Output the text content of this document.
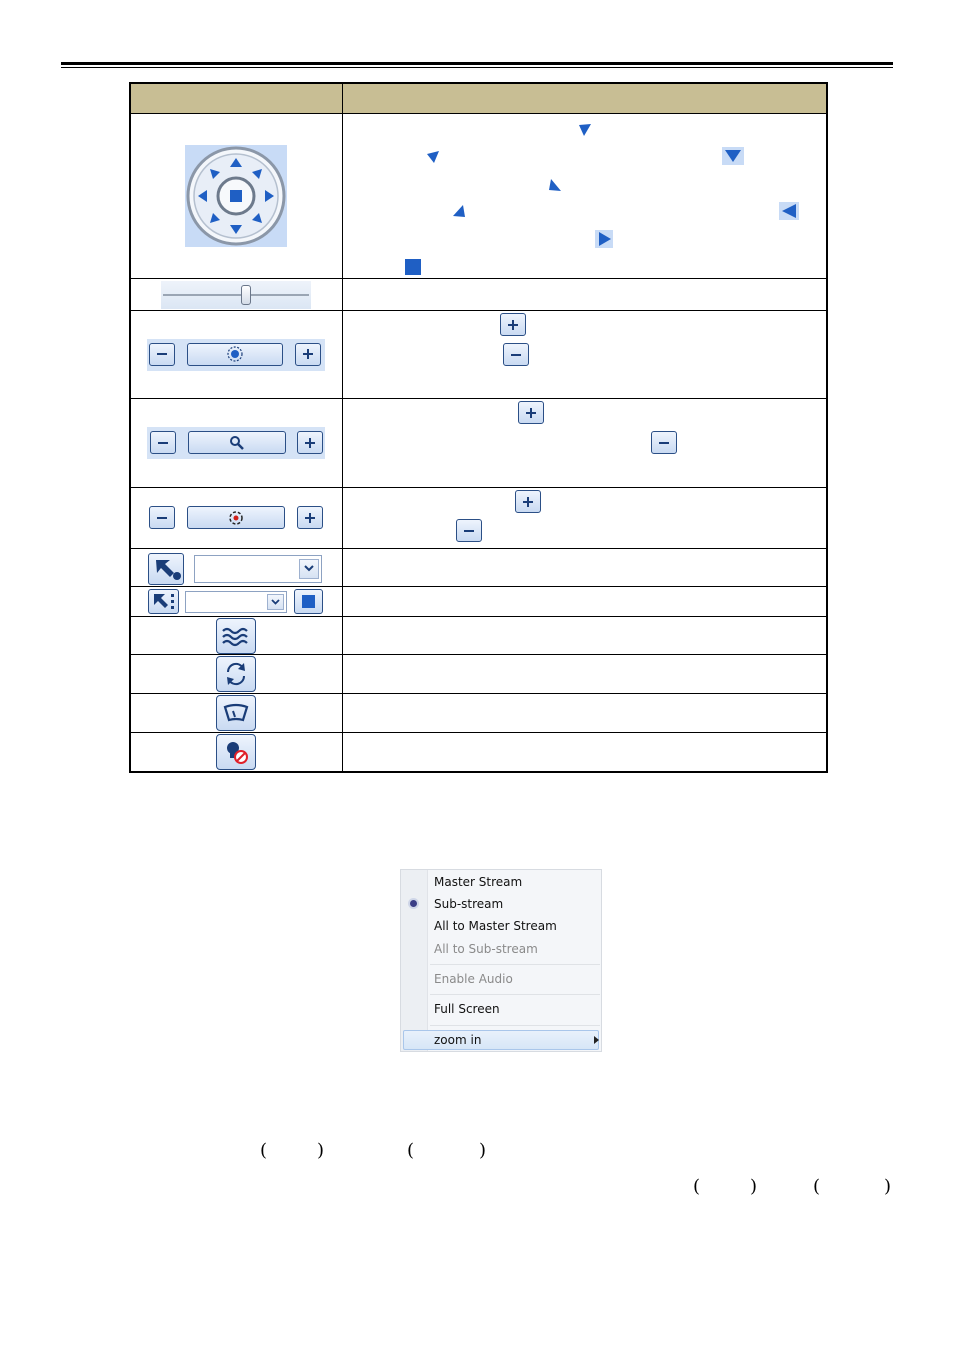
Master Stream
Sub-stream
All to Master Stream
All to Sub-stream
Enable Audio
Full Screen
zoom in
(	)	(	)
(	)	(	)
